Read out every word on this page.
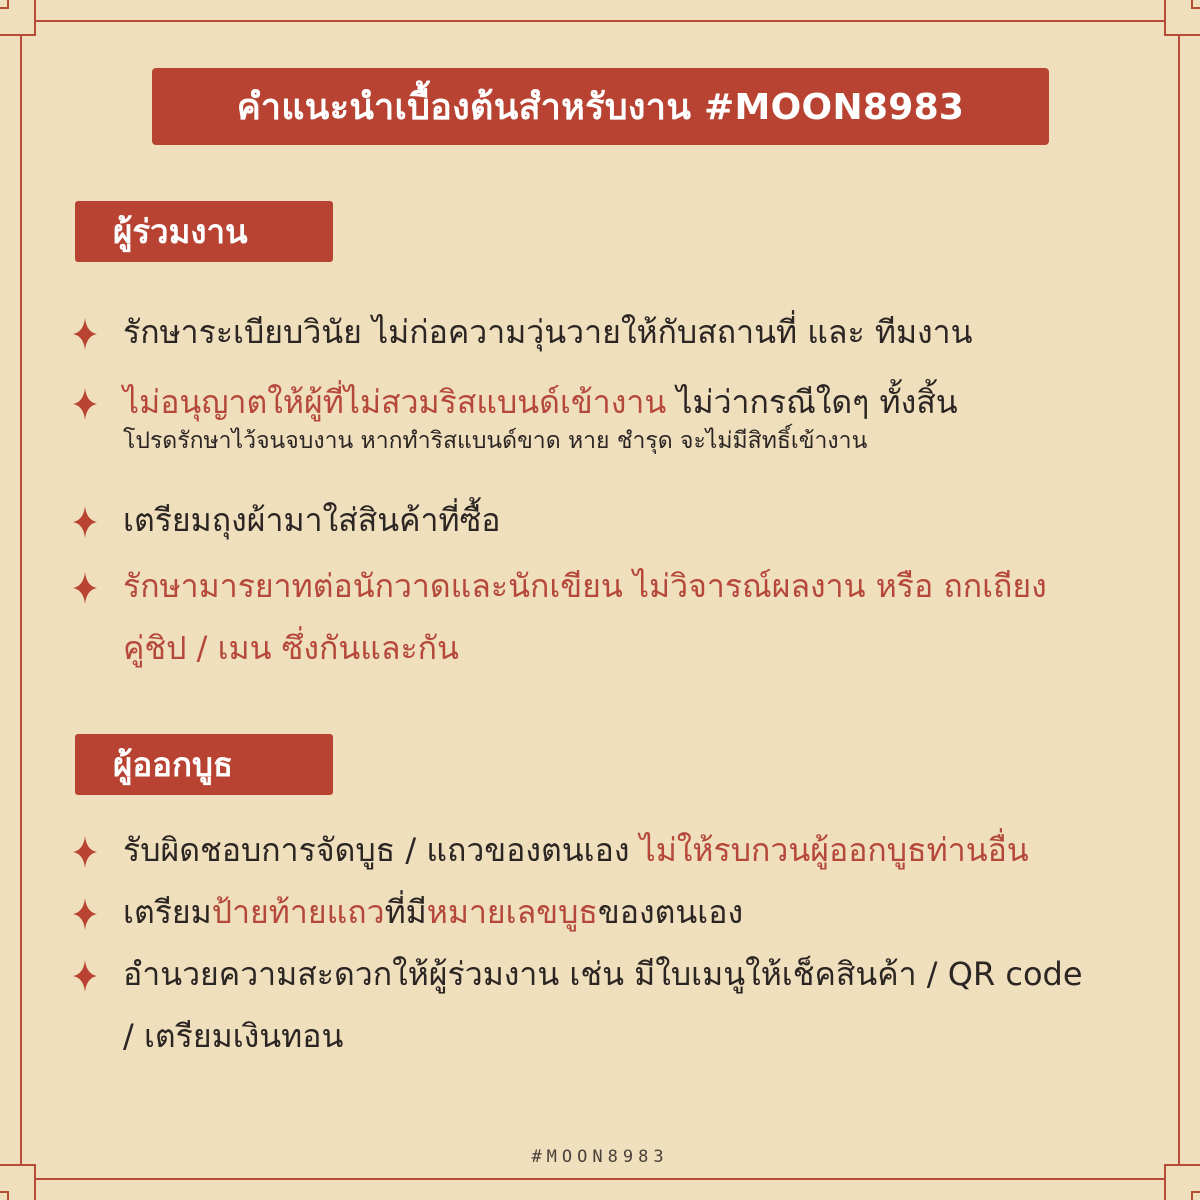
คำแนะนำเบื้องต้นสำหรับงาน #MOON8983
ผู้ร่วมงาน
รักษาระเบียบวินัย ไม่ก่อความวุ่นวายให้กับสถานที่ และ ทีมงาน
ไม่อนุญาตให้ผู้ที่ไม่สวมริสแบนด์เข้างาน ไม่ว่ากรณีใดๆ ทั้งสิ้น
โปรดรักษาไว้จนจบงาน หากทำริสแบนด์ขาด หาย ชำรุด จะไม่มีสิทธิ์เข้างาน
เตรียมถุงผ้ามาใส่สินค้าที่ซื้อ
รักษามารยาทต่อนักวาดและนักเขียน ไม่วิจารณ์ผลงาน หรือ ถกเถียง
คู่ชิป / เมน ซึ่งกันและกัน
ผู้ออกบูธ
รับผิดชอบการจัดบูธ / แถวของตนเอง ไม่ให้รบกวนผู้ออกบูธท่านอื่น
เตรียมป้ายท้ายแถวที่มีหมายเลขบูธของตนเอง
อำนวยความสะดวกให้ผู้ร่วมงาน เช่น มีใบเมนูให้เช็คสินค้า / QR code
/ เตรียมเงินทอน
#MOON8983
